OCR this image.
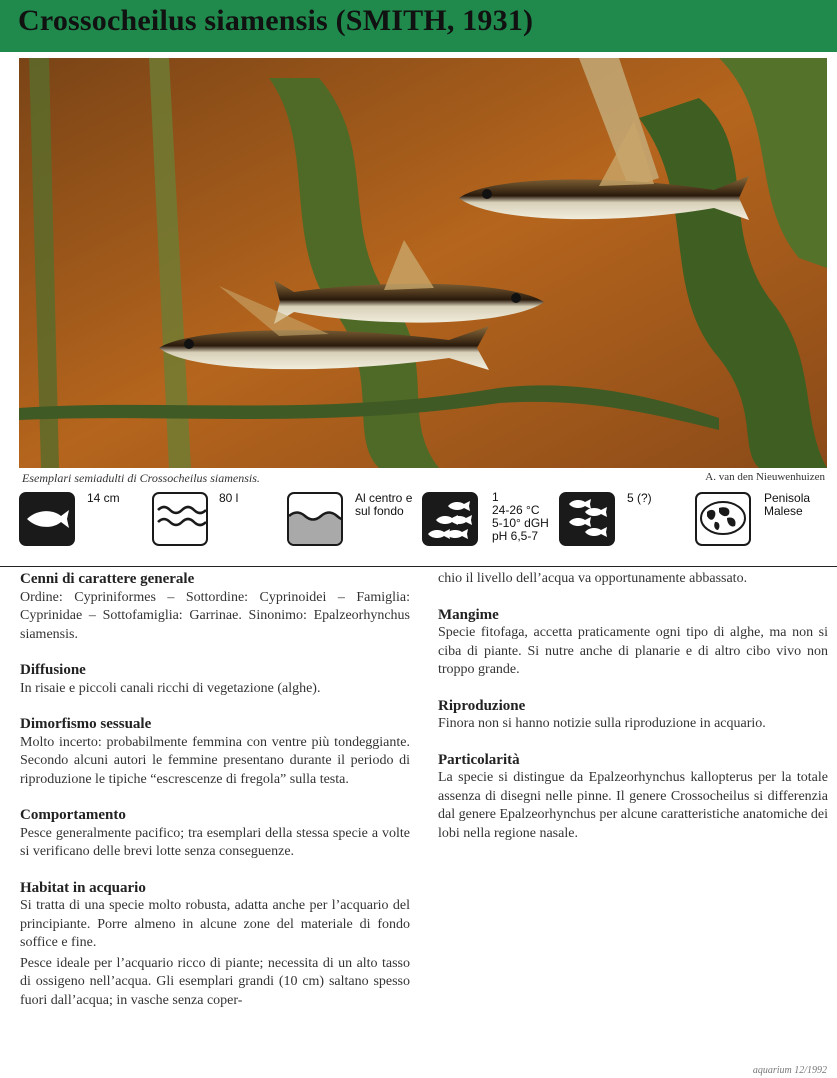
Crossocheilus siamensis (SMITH, 1931)
Esemplari semiadulti di Crossocheilus siamensis.	A. van den Nieuwenhuizen
14 cm	80 l	Al centro e sul fondo
1
24-26 °C
5-10° dGH
pH 6,5-7
5 (?)	Penisola Malese
Cenni di carattere generale

Ordine: Cypriniformes – Sottordine: Cyprinoidei – Famiglia: Cyprinidae – Sottofamiglia: Garrinae. Sinonimo: Epalzeorhynchus siamensis.

Diffusione

In risaie e piccoli canali ricchi di vegetazione (alghe).

Dimorfismo sessuale

Molto incerto: probabilmente femmina con ventre più tondeggiante. Secondo alcuni autori le femmine presentano durante il periodo di riproduzione le tipiche “escrescenze di fregola” sulla testa.

Comportamento

Pesce generalmente pacifico; tra esemplari della stessa specie a volte si verificano delle brevi lotte senza conseguenze.

Habitat in acquario

Si tratta di una specie molto robusta, adatta anche per l’acquario del principiante. Porre almeno in alcune zone del materiale di fondo soffice e fine.

Pesce ideale per l’acquario ricco di piante; necessita di un alto tasso di ossigeno nell’acqua. Gli esemplari grandi (10 cm) saltano spesso fuori dall’acqua; in vasche senza coper-

chio il livello dell’acqua va opportunamente abbassato.

Mangime

Specie fitofaga, accetta praticamente ogni tipo di alghe, ma non si ciba di piante. Si nutre anche di planarie e di altro cibo vivo non troppo grande.

Riproduzione

Finora non si hanno notizie sulla riproduzione in acquario.

Particolarità

La specie si distingue da Epalzeorhynchus kallopterus per la totale assenza di disegni nelle pinne. Il genere Crossocheilus si differenzia dal genere Epalzeorhynchus per alcune caratteristiche anatomiche dei lobi nella regione nasale.

aquarium 12/1992
